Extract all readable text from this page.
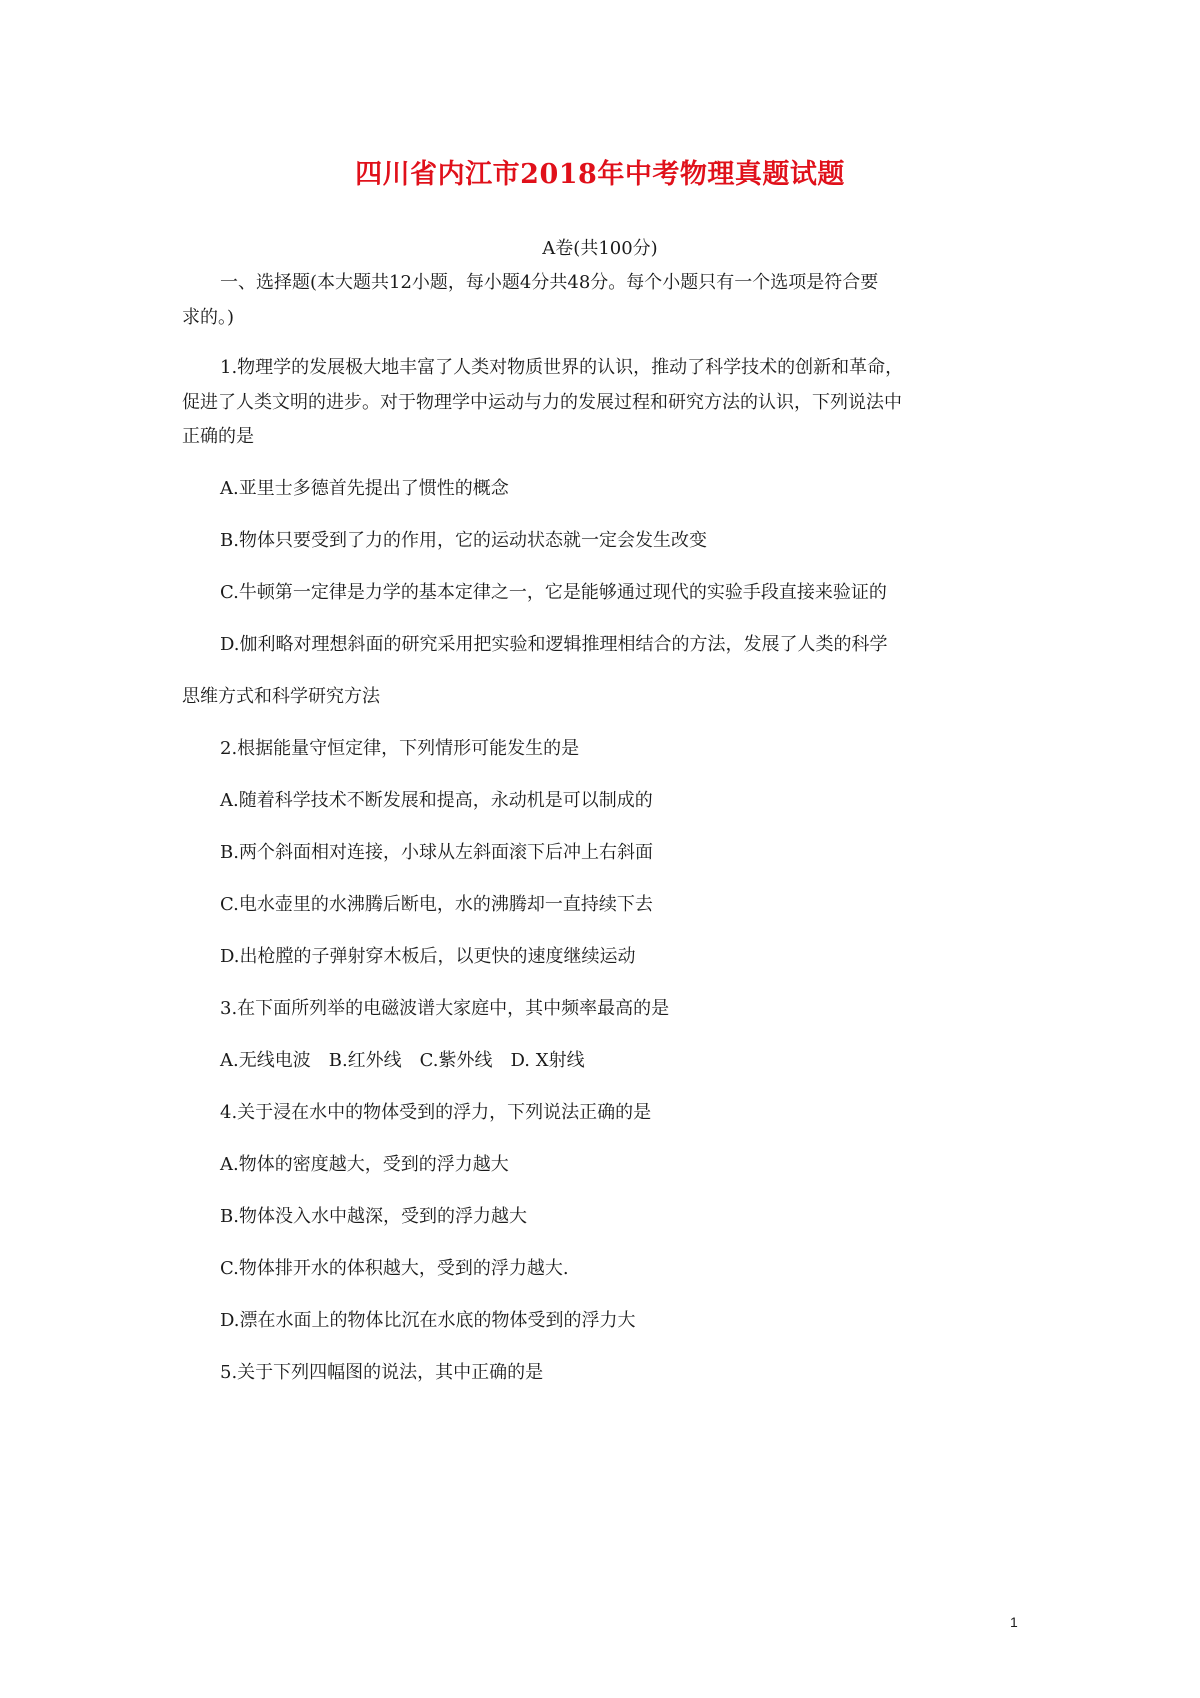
四川省内江市2018年中考物理真题试题
A卷(共100分)
一、选择题(本大题共12小题，每小题4分共48分。每个小题只有一个选项是符合要
求的。)
1.物理学的发展极大地丰富了人类对物质世界的认识，推动了科学技术的创新和革命，
促进了人类文明的进步。对于物理学中运动与力的发展过程和研究方法的认识，下列说法中
正确的是
A.亚里士多德首先提出了惯性的概念
B.物体只要受到了力的作用，它的运动状态就一定会发生改变
C.牛顿第一定律是力学的基本定律之一，它是能够通过现代的实验手段直接来验证的
D.伽利略对理想斜面的研究采用把实验和逻辑推理相结合的方法，发展了人类的科学
思维方式和科学研究方法
2.根据能量守恒定律，下列情形可能发生的是
A.随着科学技术不断发展和提高，永动机是可以制成的
B.两个斜面相对连接，小球从左斜面滚下后冲上右斜面
C.电水壶里的水沸腾后断电，水的沸腾却一直持续下去
D.出枪膛的子弹射穿木板后，以更快的速度继续运动
3.在下面所列举的电磁波谱大家庭中，其中频率最高的是
A.无线电波　B.红外线　C.紫外线　D. X射线
4.关于浸在水中的物体受到的浮力，下列说法正确的是
A.物体的密度越大，受到的浮力越大
B.物体没入水中越深，受到的浮力越大
C.物体排开水的体积越大，受到的浮力越大.
D.漂在水面上的物体比沉在水底的物体受到的浮力大
5.关于下列四幅图的说法，其中正确的是
1
